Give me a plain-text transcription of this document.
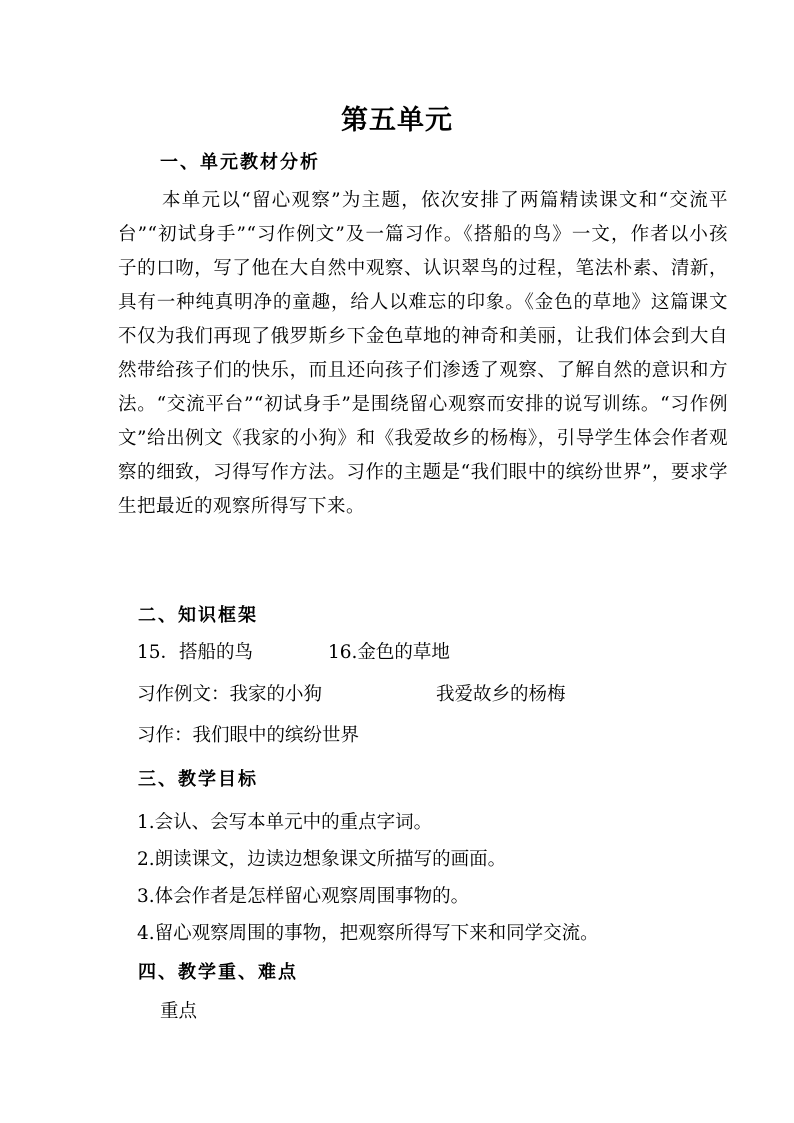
第五单元
一、单元教材分析
本单元以“留心观察”为主题，依次安排了两篇精读课文和“交流平台”“初试身手”“习作例文”及一篇习作。《搭船的鸟》一文，作者以小孩子的口吻，写了他在大自然中观察、认识翠鸟的过程，笔法朴素、清新，具有一种纯真明净的童趣，给人以难忘的印象。《金色的草地》这篇课文不仅为我们再现了俄罗斯乡下金色草地的神奇和美丽，让我们体会到大自然带给孩子们的快乐，而且还向孩子们渗透了观察、了解自然的意识和方法。“交流平台”“初试身手”是围绕留心观察而安排的说写训练。“习作例文”给出例文《我家的小狗》和《我爱故乡的杨梅》，引导学生体会作者观察的细致，习得写作方法。习作的主题是“我们眼中的缤纷世界”，要求学生把最近的观察所得写下来。
二、知识框架
15．搭船的鸟	16.金色的草地
习作例文：我家的小狗	我爱故乡的杨梅
习作：我们眼中的缤纷世界
三、教学目标
1.会认、会写本单元中的重点字词。
2.朗读课文，边读边想象课文所描写的画面。
3.体会作者是怎样留心观察周围事物的。
4.留心观察周围的事物，把观察所得写下来和同学交流。
四、教学重、难点
重点
